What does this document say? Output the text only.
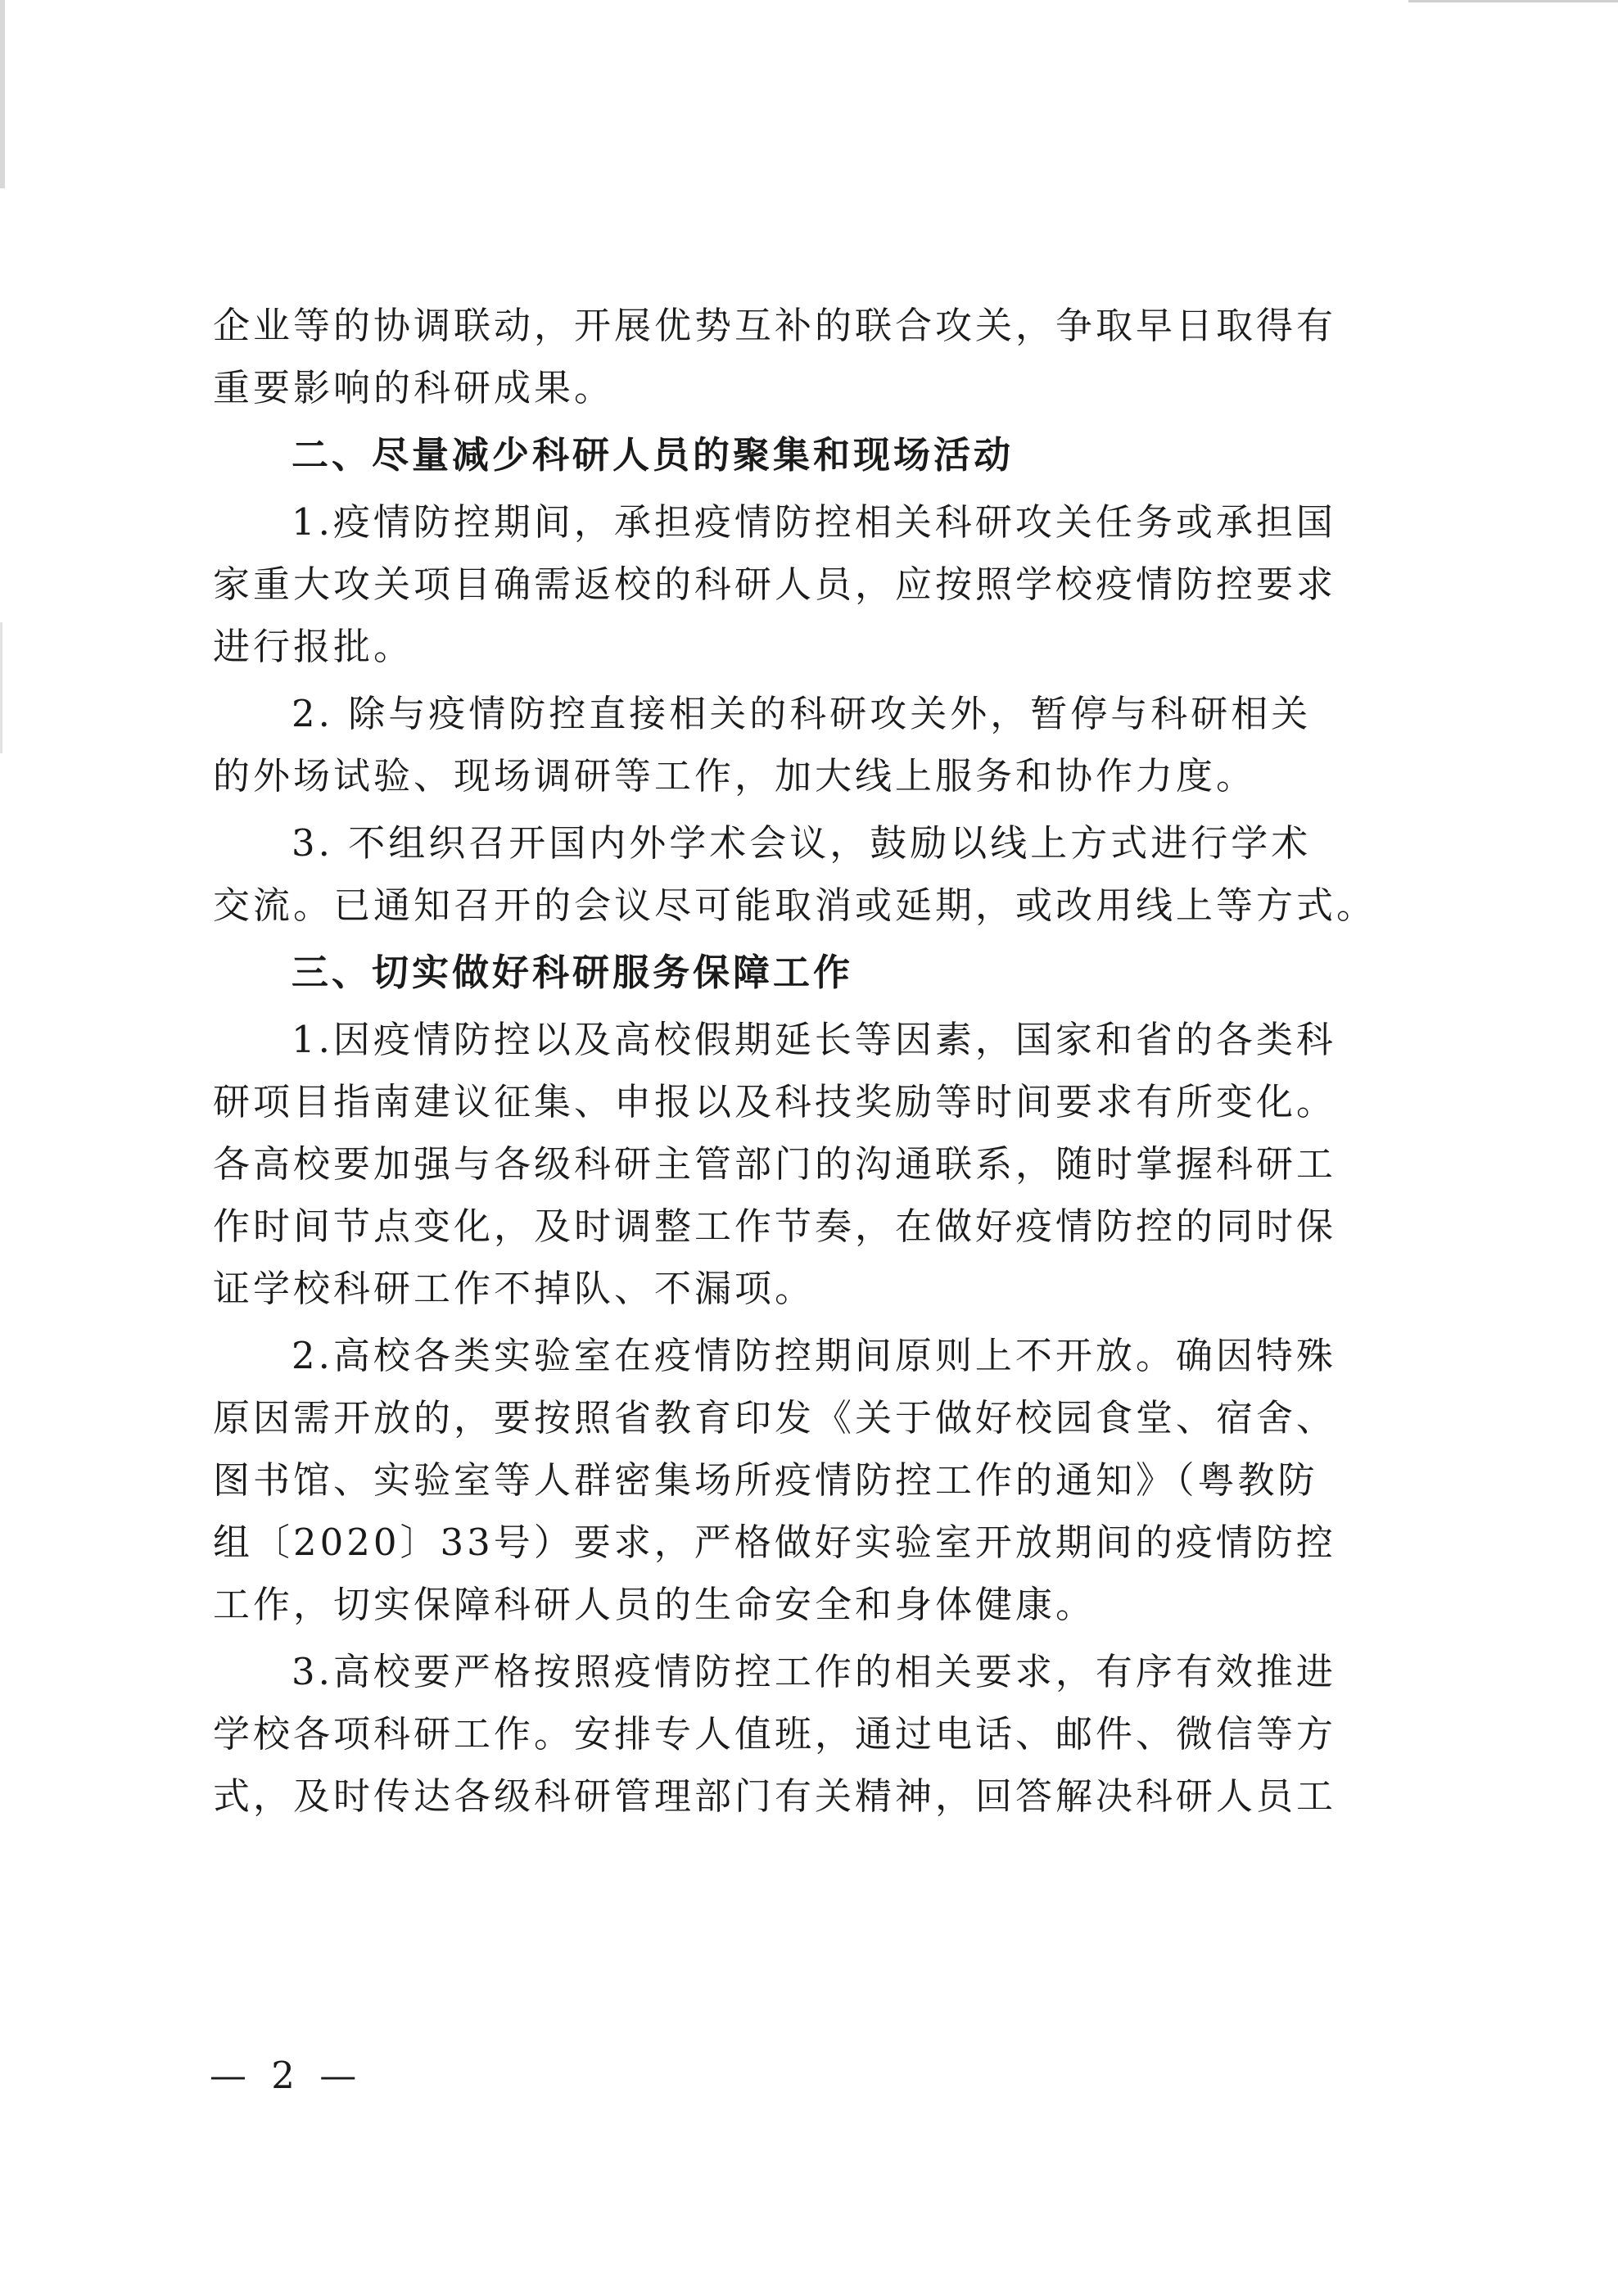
企业等的协调联动，开展优势互补的联合攻关，争取早日取得有
重要影响的科研成果。
二、尽量减少科研人员的聚集和现场活动
1.疫情防控期间，承担疫情防控相关科研攻关任务或承担国
家重大攻关项目确需返校的科研人员，应按照学校疫情防控要求
进行报批。
2. 除与疫情防控直接相关的科研攻关外，暂停与科研相关
的外场试验、现场调研等工作，加大线上服务和协作力度。
3. 不组织召开国内外学术会议，鼓励以线上方式进行学术
交流。已通知召开的会议尽可能取消或延期，或改用线上等方式。
三、切实做好科研服务保障工作
1.因疫情防控以及高校假期延长等因素，国家和省的各类科
研项目指南建议征集、申报以及科技奖励等时间要求有所变化。
各高校要加强与各级科研主管部门的沟通联系，随时掌握科研工
作时间节点变化，及时调整工作节奏，在做好疫情防控的同时保
证学校科研工作不掉队、不漏项。
2.高校各类实验室在疫情防控期间原则上不开放。确因特殊
原因需开放的，要按照省教育印发《关于做好校园食堂、宿舍、
图书馆、实验室等人群密集场所疫情防控工作的通知》（粤教防
组〔2020〕33号）要求，严格做好实验室开放期间的疫情防控
工作，切实保障科研人员的生命安全和身体健康。
3.高校要严格按照疫情防控工作的相关要求，有序有效推进
学校各项科研工作。安排专人值班，通过电话、邮件、微信等方
式，及时传达各级科研管理部门有关精神，回答解决科研人员工
— 2 —
